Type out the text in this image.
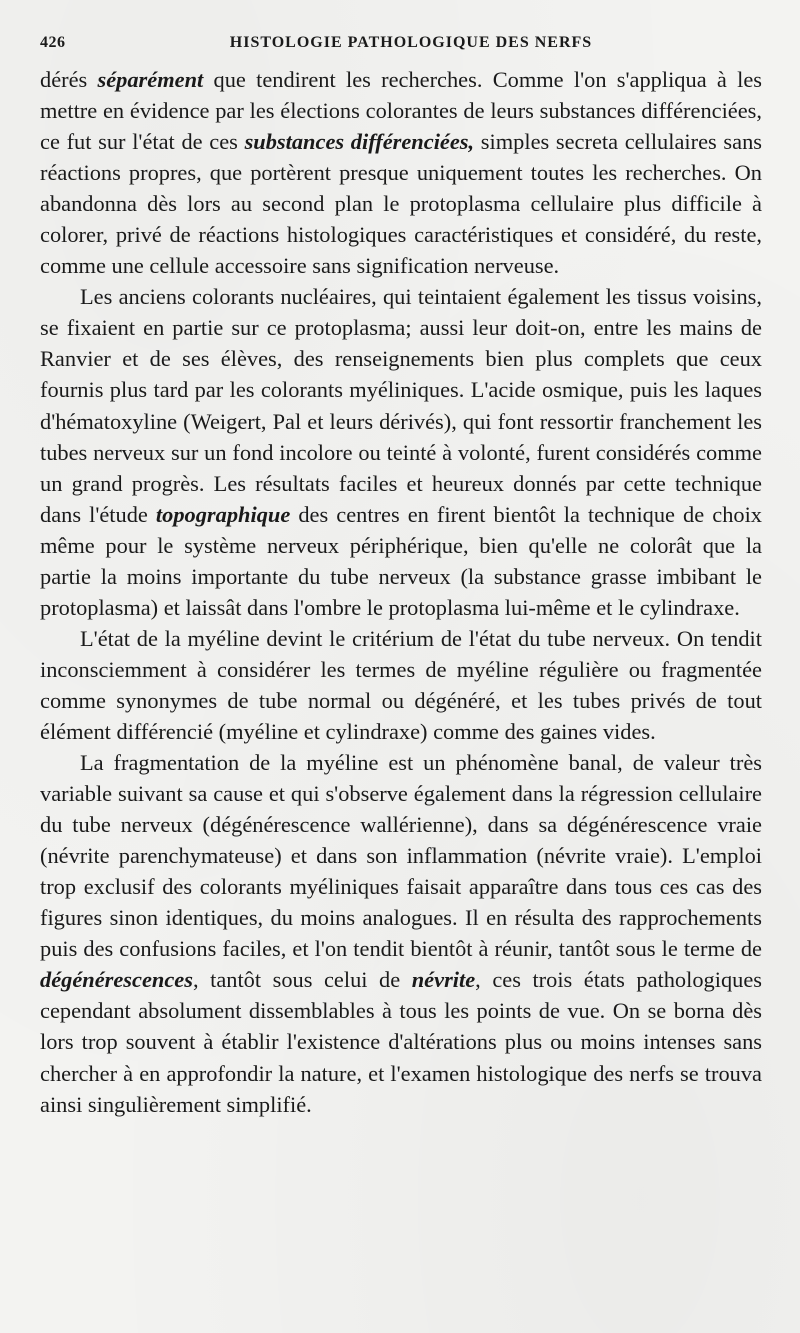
426	HISTOLOGIE PATHOLOGIQUE DES NERFS

dérés séparément que tendirent les recherches. Comme l'on s'appliqua à les mettre en évidence par les élections colorantes de leurs substances différenciées, ce fut sur l'état de ces substances différenciées, simples secreta cellulaires sans réactions propres, que portèrent presque uniquement toutes les recherches. On abandonna dès lors au second plan le protoplasma cellulaire plus difficile à colorer, privé de réactions histologiques caractéristiques et considéré, du reste, comme une cellule accessoire sans signification nerveuse.

Les anciens colorants nucléaires, qui teintaient également les tissus voisins, se fixaient en partie sur ce protoplasma; aussi leur doit-on, entre les mains de Ranvier et de ses élèves, des renseignements bien plus complets que ceux fournis plus tard par les colorants myéliniques. L'acide osmique, puis les laques d'hématoxyline (Weigert, Pal et leurs dérivés), qui font ressortir franchement les tubes nerveux sur un fond incolore ou teinté à volonté, furent considérés comme un grand progrès. Les résultats faciles et heureux donnés par cette technique dans l'étude topographique des centres en firent bientôt la technique de choix même pour le système nerveux périphérique, bien qu'elle ne colorât que la partie la moins importante du tube nerveux (la substance grasse imbibant le protoplasma) et laissât dans l'ombre le protoplasma lui-même et le cylindraxe.

L'état de la myéline devint le critérium de l'état du tube nerveux. On tendit inconsciemment à considérer les termes de myéline régulière ou fragmentée comme synonymes de tube normal ou dégénéré, et les tubes privés de tout élément différencié (myéline et cylindraxe) comme des gaines vides.

La fragmentation de la myéline est un phénomène banal, de valeur très variable suivant sa cause et qui s'observe également dans la régression cellulaire du tube nerveux (dégénérescence wallérienne), dans sa dégénérescence vraie (névrite parenchymateuse) et dans son inflammation (névrite vraie). L'emploi trop exclusif des colorants myéliniques faisait apparaître dans tous ces cas des figures sinon identiques, du moins analogues. Il en résulta des rapprochements puis des confusions faciles, et l'on tendit bientôt à réunir, tantôt sous le terme de dégénérescences, tantôt sous celui de névrite, ces trois états pathologiques cependant absolument dissemblables à tous les points de vue. On se borna dès lors trop souvent à établir l'existence d'altérations plus ou moins intenses sans chercher à en approfondir la nature, et l'examen histologique des nerfs se trouva ainsi singulièrement simplifié.
